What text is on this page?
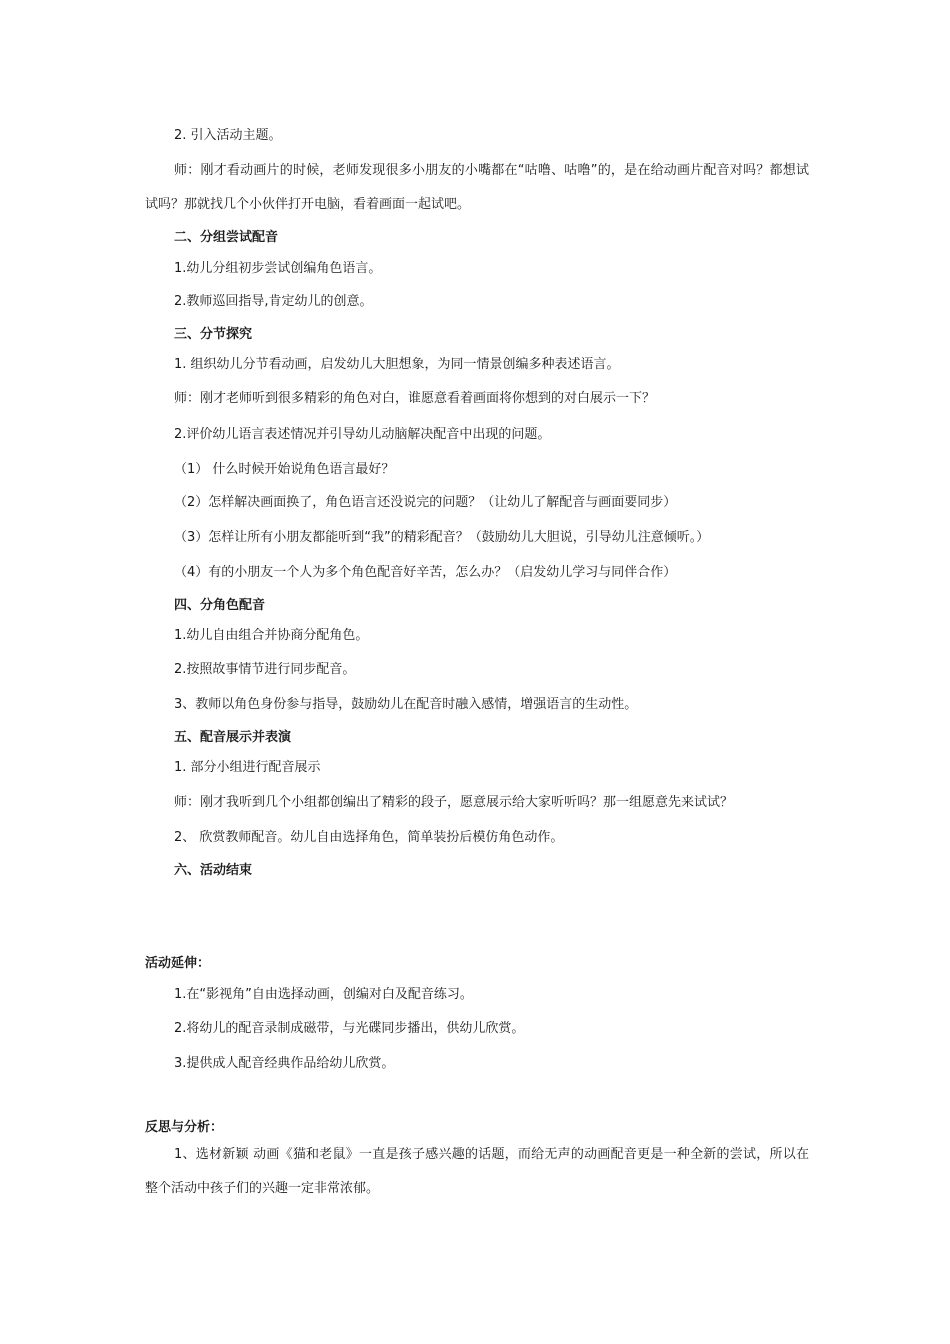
2. 引入活动主题。
师：刚才看动画片的时候，老师发现很多小朋友的小嘴都在“咕噜、咕噜”的，是在给动画片配音对吗？都想试试吗？那就找几个小伙伴打开电脑，看着画面一起试吧。
二、分组尝试配音
1.幼儿分组初步尝试创编角色语言。
2.教师巡回指导,肯定幼儿的创意。
三、分节探究
1. 组织幼儿分节看动画，启发幼儿大胆想象，为同一情景创编多种表述语言。
师：刚才老师听到很多精彩的角色对白，谁愿意看着画面将你想到的对白展示一下？
2.评价幼儿语言表述情况并引导幼儿动脑解决配音中出现的问题。
（1） 什么时候开始说角色语言最好？
（2）怎样解决画面换了，角色语言还没说完的问题？（让幼儿了解配音与画面要同步）
（3）怎样让所有小朋友都能听到“我”的精彩配音？（鼓励幼儿大胆说，引导幼儿注意倾听。）
（4）有的小朋友一个人为多个角色配音好辛苦，怎么办？（启发幼儿学习与同伴合作）
四、分角色配音
1.幼儿自由组合并协商分配角色。
2.按照故事情节进行同步配音。
3、教师以角色身份参与指导，鼓励幼儿在配音时融入感情，增强语言的生动性。
五、配音展示并表演
1. 部分小组进行配音展示
师：刚才我听到几个小组都创编出了精彩的段子，愿意展示给大家听听吗？那一组愿意先来试试？
2、 欣赏教师配音。幼儿自由选择角色，简单装扮后模仿角色动作。
六、活动结束
活动延伸：
1.在“影视角”自由选择动画，创编对白及配音练习。
2.将幼儿的配音录制成磁带，与光碟同步播出，供幼儿欣赏。
3.提供成人配音经典作品给幼儿欣赏。
反思与分析：
1、选材新颖 动画《猫和老鼠》一直是孩子感兴趣的话题，而给无声的动画配音更是一种全新的尝试，所以在整个活动中孩子们的兴趣一定非常浓郁。
